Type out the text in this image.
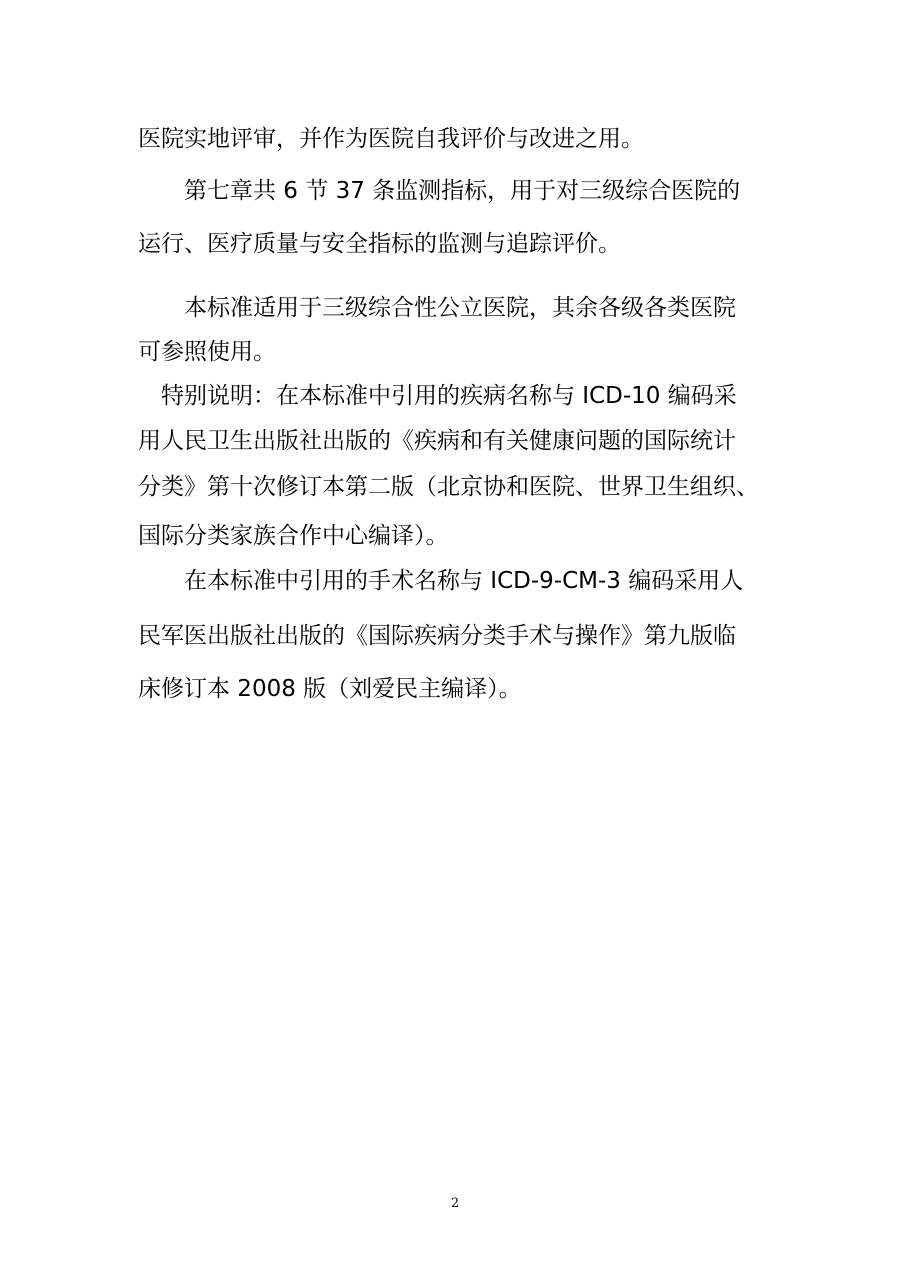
医院实地评审，并作为医院自我评价与改进之用。
　　第七章共 6 节 37 条监测指标，用于对三级综合医院的
运行、医疗质量与安全指标的监测与追踪评价。
　　本标准适用于三级综合性公立医院，其余各级各类医院
可参照使用。
　特别说明：在本标准中引用的疾病名称与 ICD-10 编码采
用人民卫生出版社出版的《疾病和有关健康问题的国际统计
分类》第十次修订本第二版（北京协和医院、世界卫生组织、
国际分类家族合作中心编译）。
　　在本标准中引用的手术名称与 ICD-9-CM-3 编码采用人
民军医出版社出版的《国际疾病分类手术与操作》第九版临
床修订本 2008 版（刘爱民主编译）。
2
